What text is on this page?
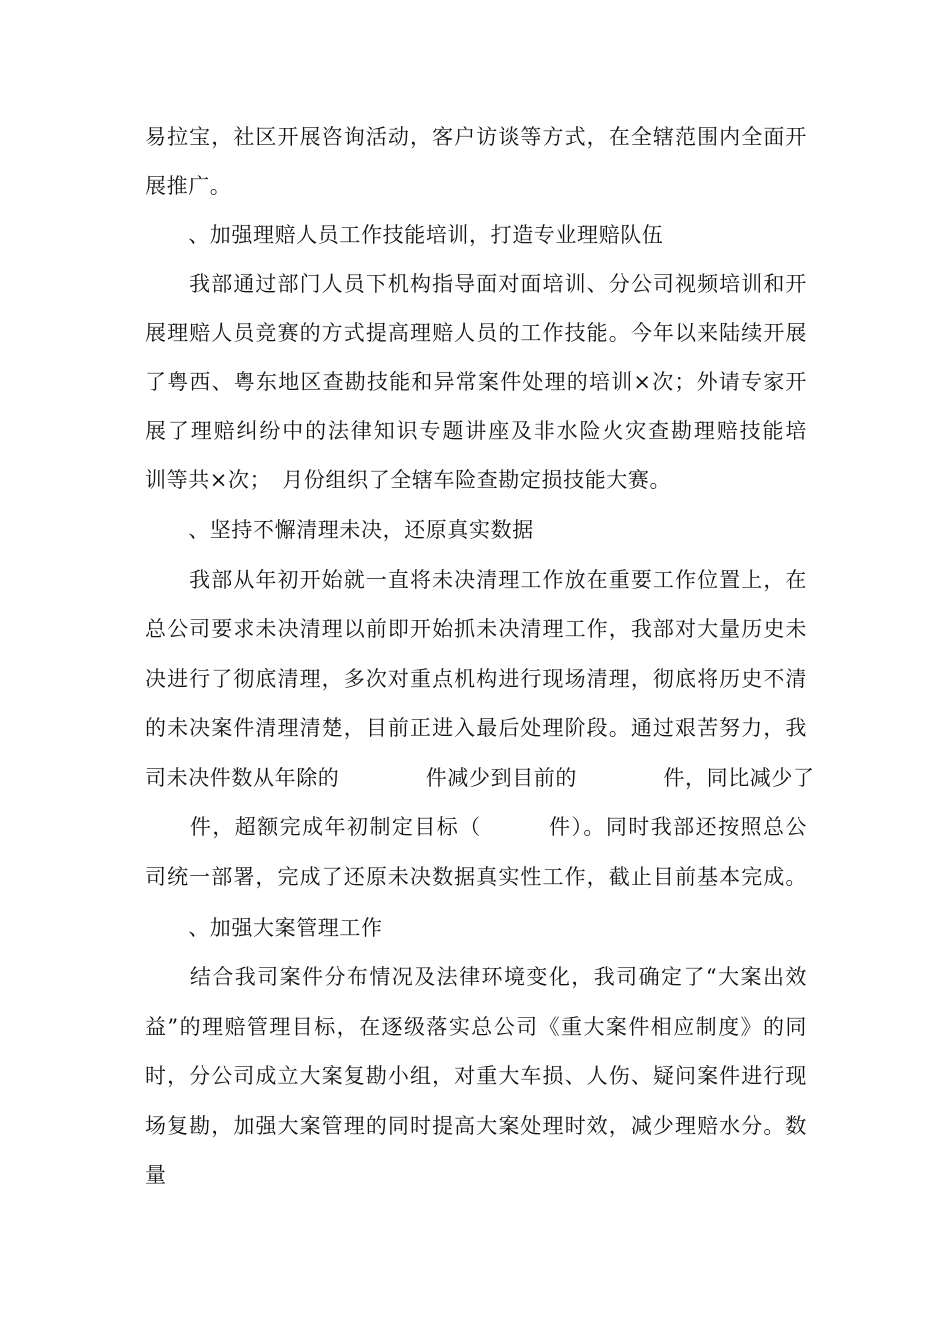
易拉宝，社区开展咨询活动，客户访谈等方式，在全辖范围内全面开
展推广。
　　、加强理赔人员工作技能培训，打造专业理赔队伍
　　我部通过部门人员下机构指导面对面培训、分公司视频培训和开
展理赔人员竞赛的方式提高理赔人员的工作技能。今年以来陆续开展
了粤西、粤东地区查勘技能和异常案件处理的培训×次；外请专家开
展了理赔纠纷中的法律知识专题讲座及非水险火灾查勘理赔技能培
训等共×次；　月份组织了全辖车险查勘定损技能大赛。
　　、坚持不懈清理未决，还原真实数据
　　我部从年初开始就一直将未决清理工作放在重要工作位置上，在
总公司要求未决清理以前即开始抓未决清理工作，我部对大量历史未
决进行了彻底清理，多次对重点机构进行现场清理，彻底将历史不清
的未决案件清理清楚，目前正进入最后处理阶段。通过艰苦努力，我
司未决件数从年除的　　　　件减少到目前的　　　　件，同比减少了
　　件，超额完成年初制定目标（　　　件）。同时我部还按照总公
司统一部署，完成了还原未决数据真实性工作，截止目前基本完成。
　　、加强大案管理工作
　　结合我司案件分布情况及法律环境变化，我司确定了“大案出效
益”的理赔管理目标，在逐级落实总公司《重大案件相应制度》的同
时，分公司成立大案复勘小组，对重大车损、人伤、疑问案件进行现
场复勘，加强大案管理的同时提高大案处理时效，减少理赔水分。数
量
